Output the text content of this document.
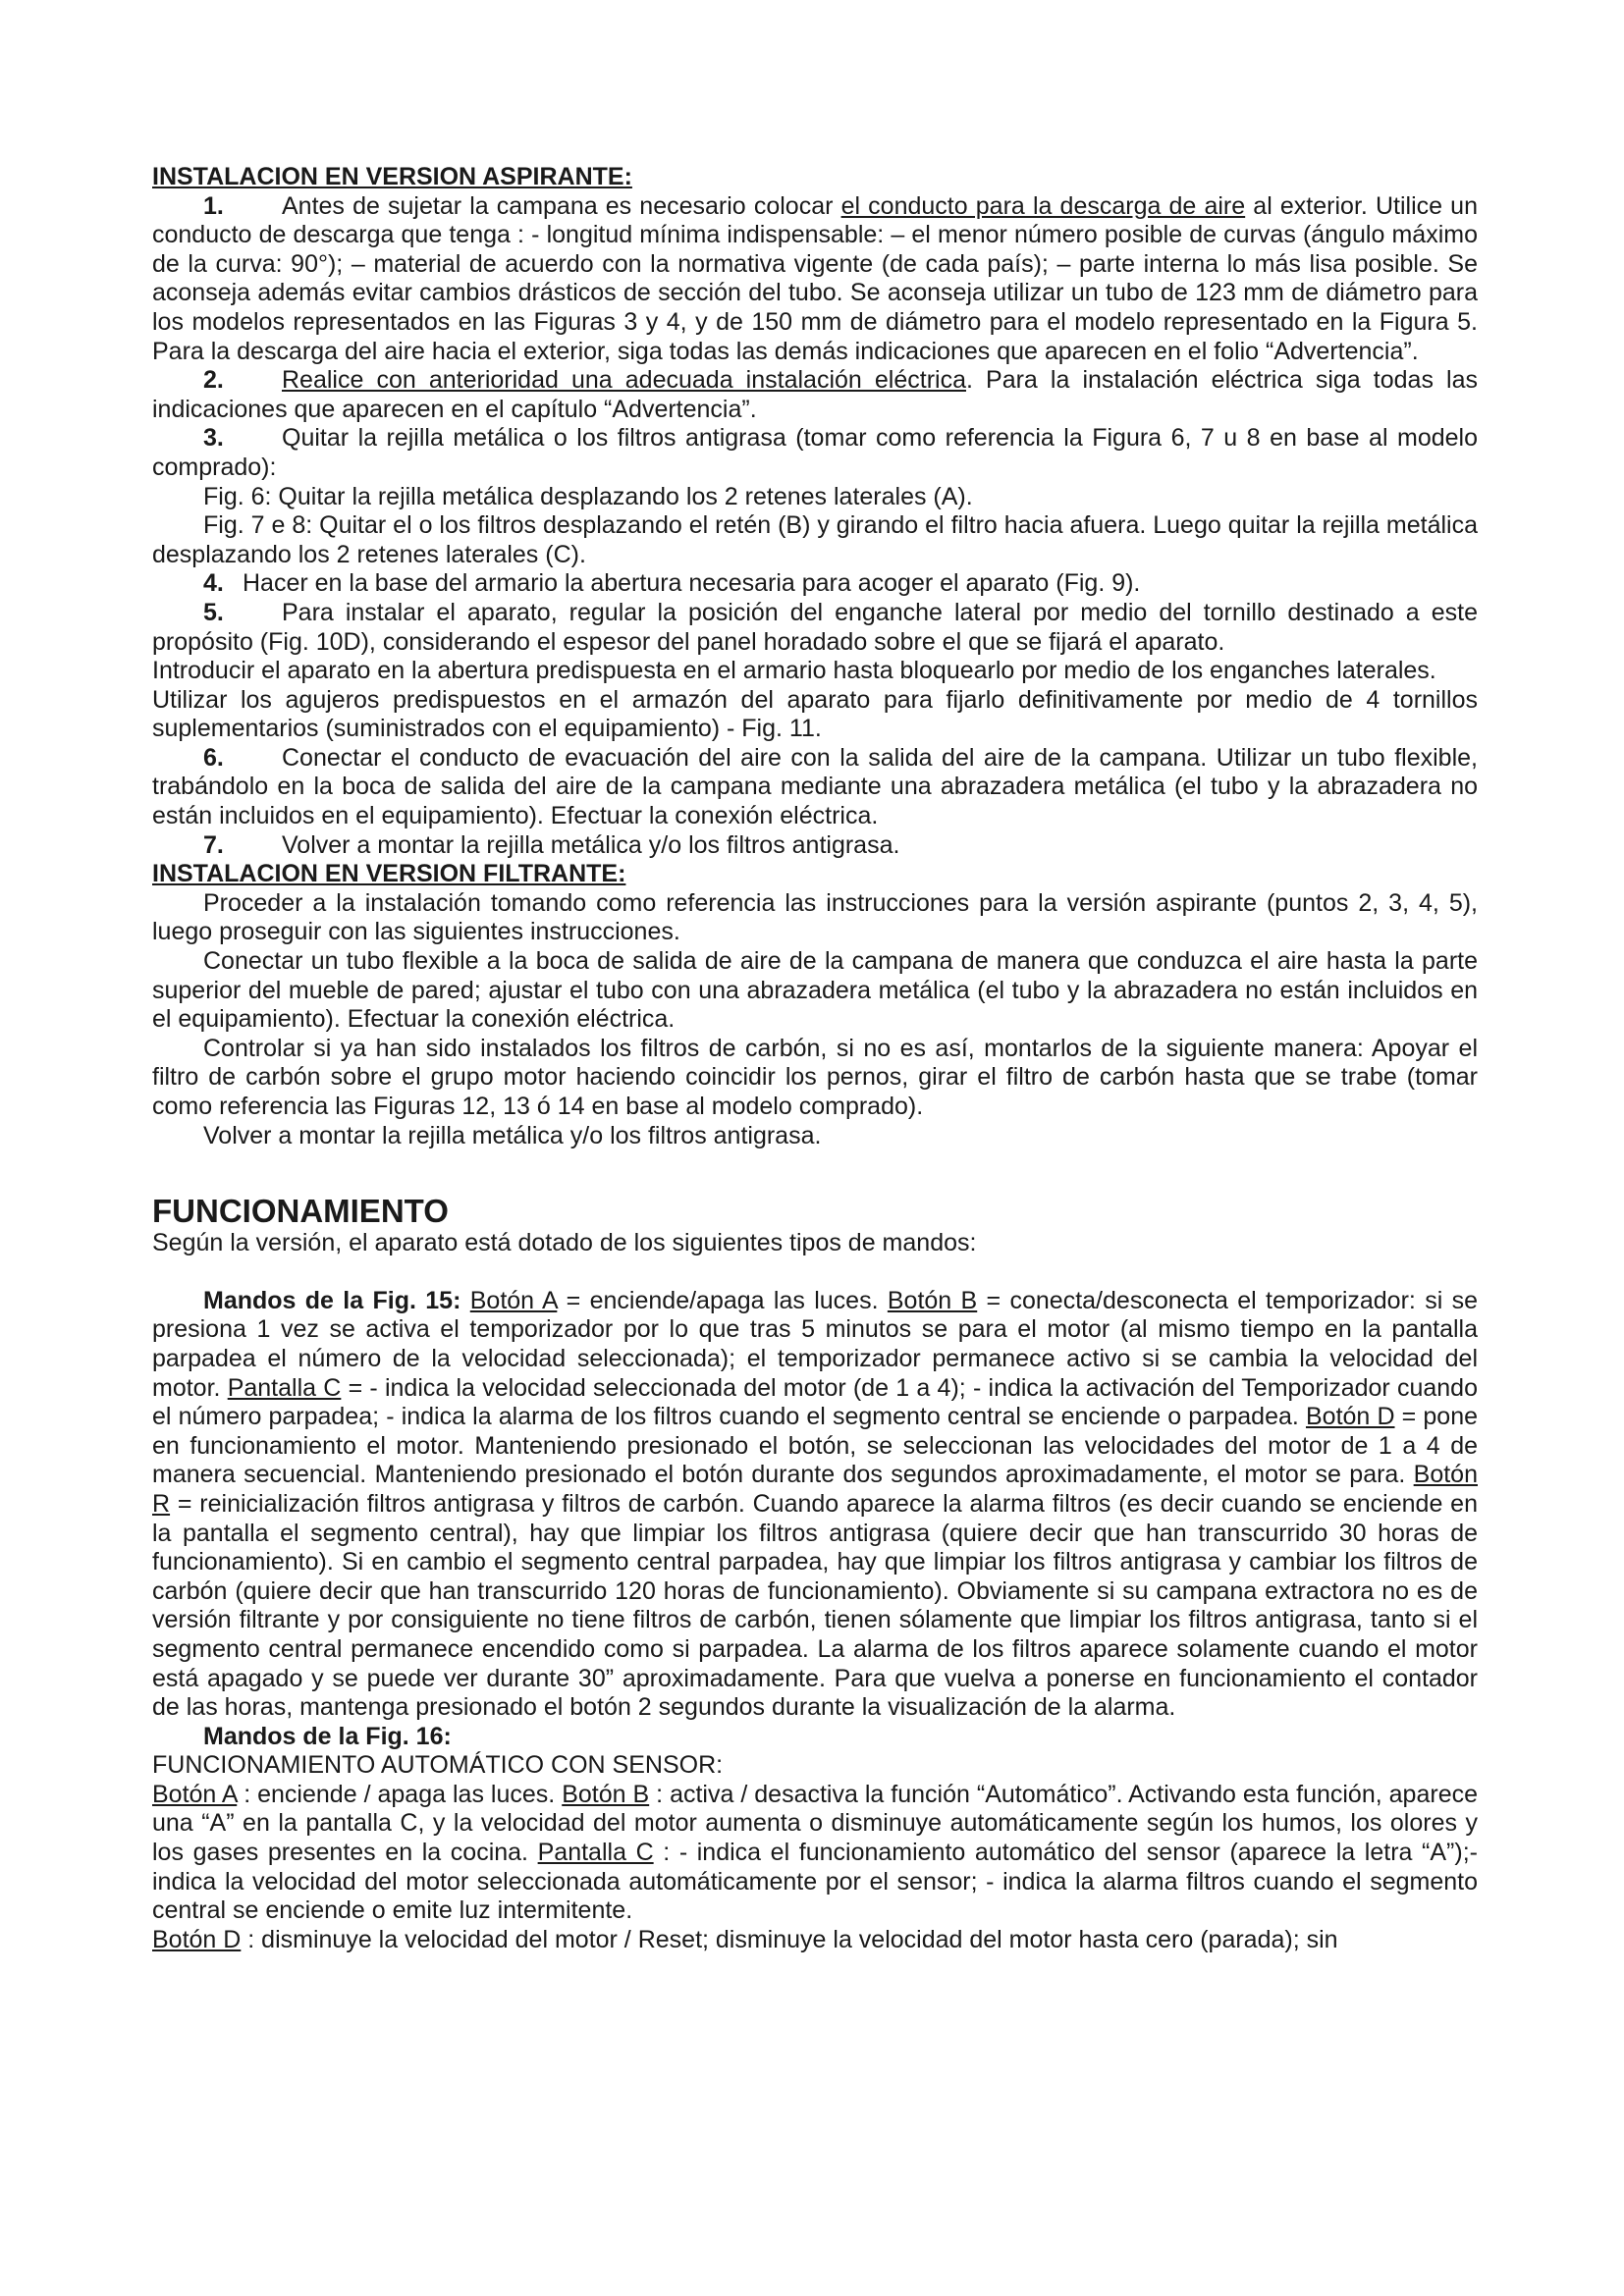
INSTALACION EN VERSION ASPIRANTE:

1. Antes de sujetar la campana es necesario colocar el conducto para la descarga de aire al exterior. Utilice un conducto de descarga que tenga : - longitud mínima indispensable: – el menor número posible de curvas (ángulo máximo de la curva: 90°); – material de acuerdo con la normativa vigente (de cada país); – parte interna lo más lisa posible. Se aconseja además evitar cambios drásticos de sección del tubo. Se aconseja utilizar un tubo de 123 mm de diámetro para los modelos representados en las Figuras 3 y 4, y de 150 mm de diámetro para el modelo representado en la Figura 5. Para la descarga del aire hacia el exterior, siga todas las demás indicaciones que aparecen en el folio “Advertencia”.

2. Realice con anterioridad una adecuada instalación eléctrica. Para la instalación eléctrica siga todas las indicaciones que aparecen en el capítulo “Advertencia”.

3. Quitar la rejilla metálica o los filtros antigrasa (tomar como referencia la Figura 6, 7 u 8 en base al modelo comprado):

Fig. 6: Quitar la rejilla metálica desplazando los 2 retenes laterales (A).

Fig. 7 e 8: Quitar el o los filtros desplazando el retén (B) y girando el filtro hacia afuera. Luego quitar la rejilla metálica desplazando los 2 retenes laterales (C).

4. Hacer en la base del armario la abertura necesaria para acoger el aparato (Fig. 9).

5. Para instalar el aparato, regular la posición del enganche lateral por medio del tornillo destinado a este propósito (Fig. 10D), considerando el espesor del panel horadado sobre el que se fijará el aparato.

Introducir el aparato en la abertura predispuesta en el armario hasta bloquearlo por medio de los enganches laterales.

Utilizar los agujeros predispuestos en el armazón del aparato para fijarlo definitivamente por medio de 4 tornillos suplementarios (suministrados con el equipamiento) - Fig. 11.

6. Conectar el conducto de evacuación del aire con la salida del aire de la campana. Utilizar un tubo flexible, trabándolo en la boca de salida del aire de la campana mediante una abrazadera metálica (el tubo y la abrazadera no están incluidos en el equipamiento). Efectuar la conexión eléctrica.

7. Volver a montar la rejilla metálica y/o los filtros antigrasa.

INSTALACION EN VERSION FILTRANTE:

Proceder a la instalación tomando como referencia las instrucciones para la versión aspirante (puntos 2, 3, 4, 5), luego proseguir con las siguientes instrucciones.

Conectar un tubo flexible a la boca de salida de aire de la campana de manera que conduzca el aire hasta la parte superior del mueble de pared; ajustar el tubo con una abrazadera metálica (el tubo y la abrazadera no están incluidos en el equipamiento). Efectuar la conexión eléctrica.

Controlar si ya han sido instalados los filtros de carbón, si no es así, montarlos de la siguiente manera: Apoyar el filtro de carbón sobre el grupo motor haciendo coincidir los pernos, girar el filtro de carbón hasta que se trabe (tomar como referencia las Figuras 12, 13 ó 14 en base al modelo comprado).

Volver a montar la rejilla metálica y/o los filtros antigrasa.

FUNCIONAMIENTO

Según la versión, el aparato está dotado de los siguientes tipos de mandos:

Mandos de la Fig. 15: Botón A = enciende/apaga las luces. Botón B = conecta/desconecta el temporizador: si se presiona 1 vez se activa el temporizador por lo que tras 5 minutos se para el motor (al mismo tiempo en la pantalla parpadea el número de la velocidad seleccionada); el temporizador permanece activo si se cambia la velocidad del motor. Pantalla C = - indica la velocidad seleccionada del motor (de 1 a 4); - indica la activación del Temporizador cuando el número parpadea; - indica la alarma de los filtros cuando el segmento central se enciende o parpadea. Botón D = pone en funcionamiento el motor. Manteniendo presionado el botón, se seleccionan las velocidades del motor de 1 a 4 de manera secuencial. Manteniendo presionado el botón durante dos segundos aproximadamente, el motor se para. Botón R = reinicialización filtros antigrasa y filtros de carbón. Cuando aparece la alarma filtros (es decir cuando se enciende en la pantalla el segmento central), hay que limpiar los filtros antigrasa (quiere decir que han transcurrido 30 horas de funcionamiento). Si en cambio el segmento central parpadea, hay que limpiar los filtros antigrasa y cambiar los filtros de carbón (quiere decir que han transcurrido 120 horas de funcionamiento). Obviamente si su campana extractora no es de versión filtrante y por consiguiente no tiene filtros de carbón, tienen sólamente que limpiar los filtros antigrasa, tanto si el segmento central permanece encendido como si parpadea. La alarma de los filtros aparece solamente cuando el motor está apagado y se puede ver durante 30” aproximadamente. Para que vuelva a ponerse en funcionamiento el contador de las horas, mantenga presionado el botón 2 segundos durante la visualización de la alarma.

Mandos de la Fig. 16:

FUNCIONAMIENTO AUTOMÁTICO CON SENSOR:

Botón A : enciende / apaga las luces. Botón B : activa / desactiva la función “Automático”. Activando esta función, aparece una “A” en la pantalla C, y la velocidad del motor aumenta o disminuye automáticamente según los humos, los olores y los gases presentes en la cocina. Pantalla C : - indica el funcionamiento automático del sensor (aparece la letra “A”);- indica la velocidad del motor seleccionada automáticamente por el sensor; - indica la alarma filtros cuando el segmento central se enciende o emite luz intermitente.

Botón D : disminuye la velocidad del motor / Reset; disminuye la velocidad del motor hasta cero (parada); sin
